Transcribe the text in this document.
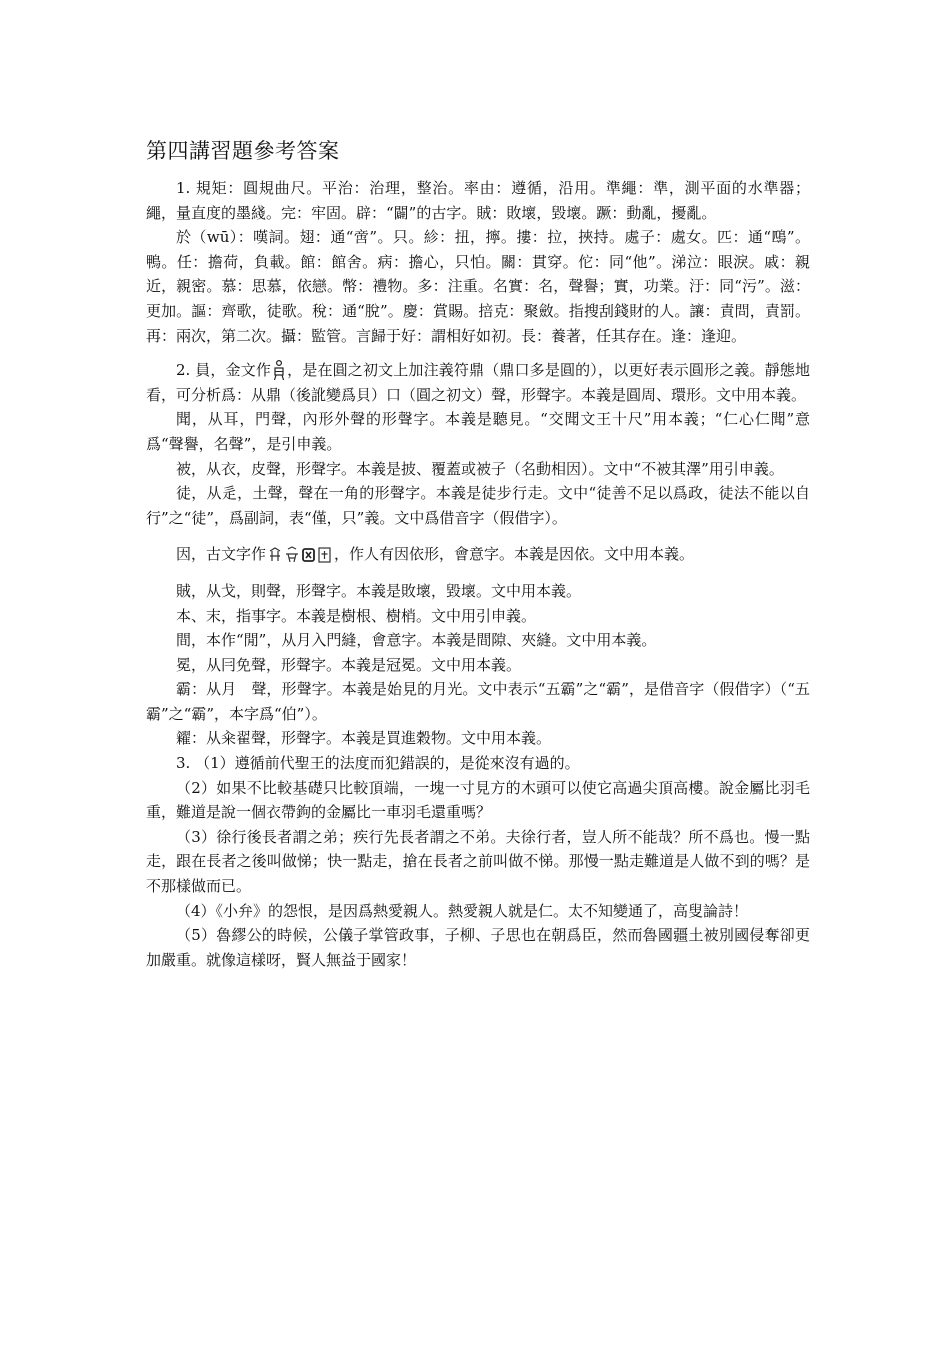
第四講習題參考答案

1. 規矩：圓規曲尺。平治：治理，整治。率由：遵循，沿用。準繩：準，測平面的水準器；繩，量直度的墨綫。完：牢固。辟：“闢”的古字。賊：敗壞，毀壞。蹶：動亂，擾亂。

於（wū）：嘆詞。翅：通“啻”。只。紾：扭，擰。摟：拉，挾持。處子：處女。匹：通“鴄”。鴨。任：擔荷，負載。館：館舍。病：擔心，只怕。關：貫穿。佗：同“他”。涕泣：眼淚。戚：親近，親密。慕：思慕，依戀。幣：禮物。多：注重。名實：名，聲譽；實，功業。汙：同“污”。滋：更加。謳：齊歌，徒歌。稅：通“脫”。慶：賞賜。掊克：聚斂。指搜刮錢財的人。讓：責問，責罰。再：兩次，第二次。攝：監管。言歸于好：謂相好如初。長：養著，任其存在。逢：逢迎。

2. 員，金文作 ，是在圓之初文上加注義符鼎（鼎口多是圓的），以更好表示圓形之義。靜態地看，可分析爲：从鼎（後訛變爲貝）口（圓之初文）聲，形聲字。本義是圓周、環形。文中用本義。

聞，从耳，門聲，內形外聲的形聲字。本義是聽見。“交聞文王十尺”用本義；“仁心仁聞”意爲“聲譽，名聲”，是引申義。

被，从衣，皮聲，形聲字。本義是披、覆蓋或被子（名動相因）。文中“不被其澤”用引申義。

徒，从辵，土聲，聲在一角的形聲字。本義是徒步行走。文中“徒善不足以爲政，徒法不能以自行”之“徒”，爲副詞，表“僅，只”義。文中爲借音字（假借字）。

因，古文字作	，作人有因依形，會意字。本義是因依。文中用本義。

賊，从戈，則聲，形聲字。本義是敗壞，毀壞。文中用本義。

本、末，指事字。本義是樹根、樹梢。文中用引申義。

間，本作“閒”，从月入門縫，會意字。本義是間隙、夾縫。文中用本義。

冕，从冃免聲，形聲字。本義是冠冕。文中用本義。

霸：从月　聲，形聲字。本義是始見的月光。文中表示“五霸”之“霸”，是借音字（假借字）（“五霸”之“霸”，本字爲“伯”）。

糴：从籴翟聲，形聲字。本義是買進穀物。文中用本義。

3. （1）遵循前代聖王的法度而犯錯誤的，是從來沒有過的。

（2）如果不比較基礎只比較頂端，一塊一寸見方的木頭可以使它高過尖頂高樓。說金屬比羽毛重，難道是說一個衣帶鉤的金屬比一車羽毛還重嗎？

（3）徐行後長者謂之弟；疾行先長者謂之不弟。夫徐行者，豈人所不能哉？所不爲也。慢一點走，跟在長者之後叫做悌；快一點走，搶在長者之前叫做不悌。那慢一點走難道是人做不到的嗎？是不那樣做而已。

（4）《小弁》的怨恨，是因爲熱愛親人。熱愛親人就是仁。太不知變通了，高叟論詩！

（5）魯繆公的時候，公儀子掌管政事，子柳、子思也在朝爲臣，然而魯國疆土被別國侵奪卻更加嚴重。就像這樣呀，賢人無益于國家！
